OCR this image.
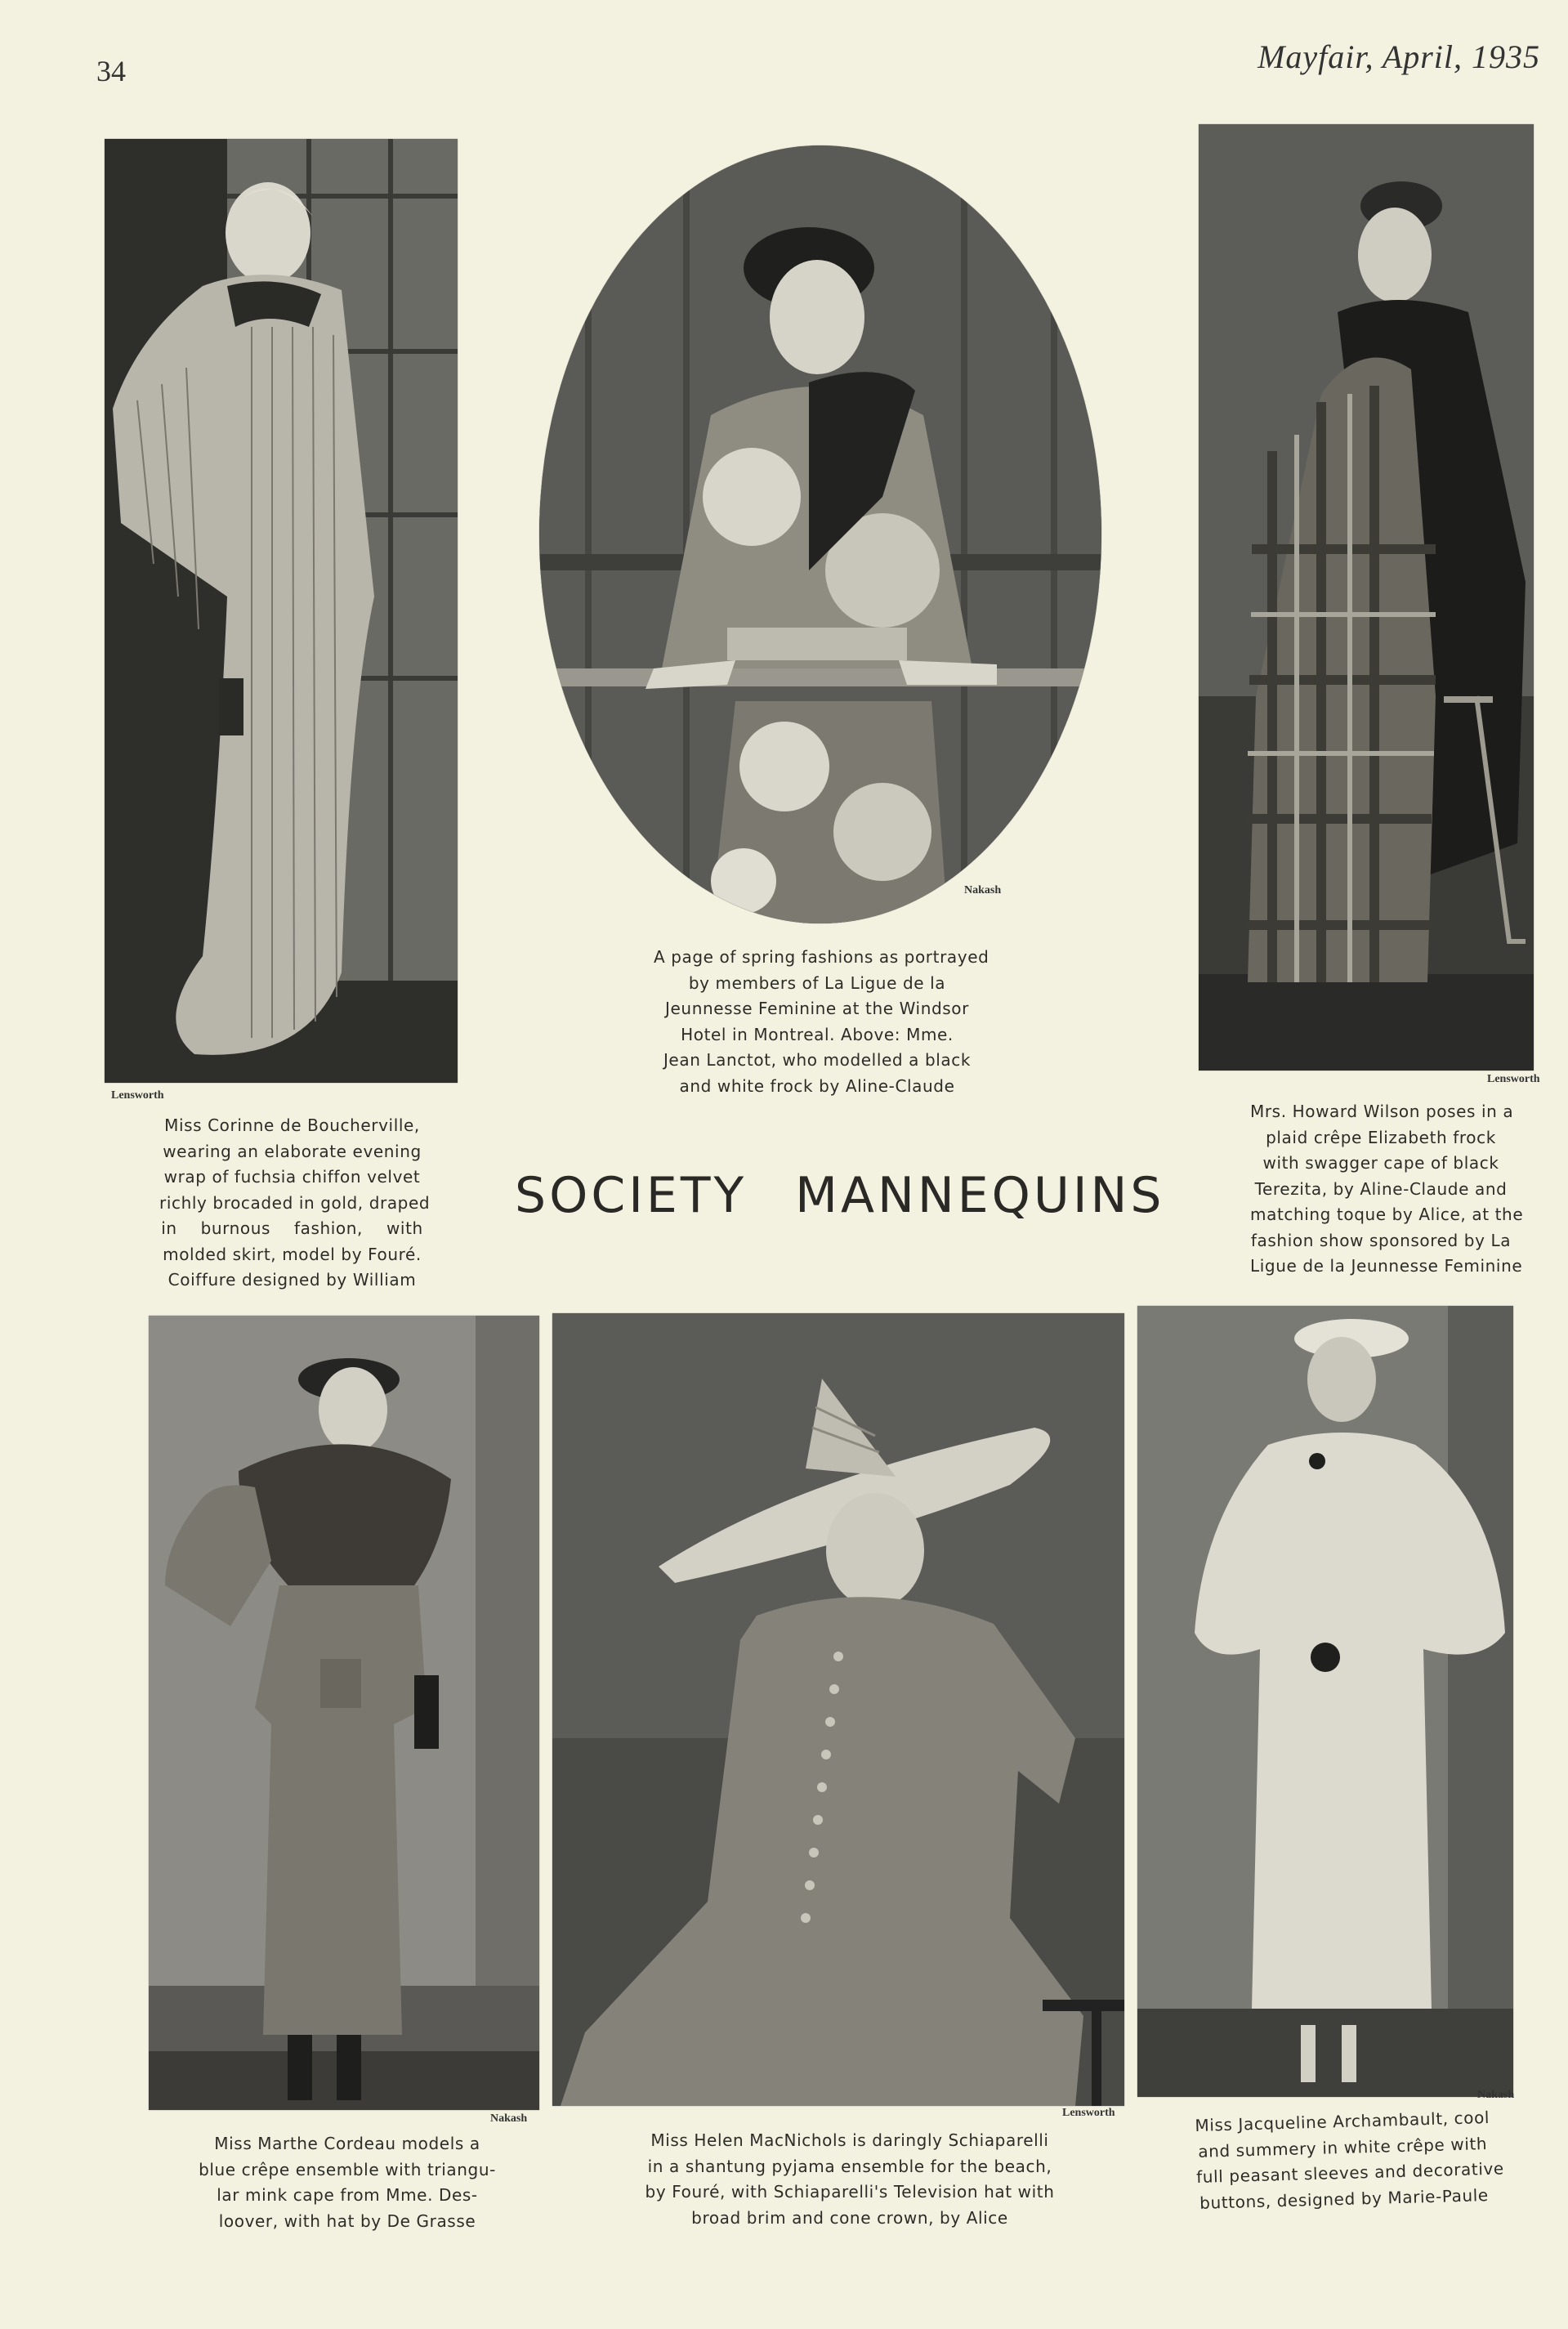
34	Mayfair, April, 1935
Lensworth
Nakash
A page of spring fashions as portrayed
by members of La Ligue de la
Jeunnesse Feminine at the Windsor
Hotel in Montreal. Above: Mme.
Jean Lanctot, who modelled a black
and white frock by Aline-Claude	Lensworth
Miss Corinne de Boucherville,
wearing an elaborate evening
wrap of fuchsia chiffon velvet
richly brocaded in gold, draped
in burnous fashion, with
molded skirt, model by Fouré.
Coiffure designed by William
SOCIETY MANNEQUINS
Mrs. Howard Wilson poses in a
plaid crêpe Elizabeth frock
with swagger cape of black
Terezita, by Aline-Claude and
matching toque by Alice, at the
fashion show sponsored by La
Ligue de la Jeunnesse Feminine
Nakash	Lensworth
Nakash
Miss Marthe Cordeau models a
blue crêpe ensemble with triangu-
lar mink cape from Mme. Des-
loover, with hat by De Grasse
Miss Helen MacNichols is daringly Schiaparelli
in a shantung pyjama ensemble for the beach,
by Fouré, with Schiaparelli's Television hat with
broad brim and cone crown, by Alice
Miss Jacqueline Archambault, cool
and summery in white crêpe with
full peasant sleeves and decorative
buttons, designed by Marie-Paule
